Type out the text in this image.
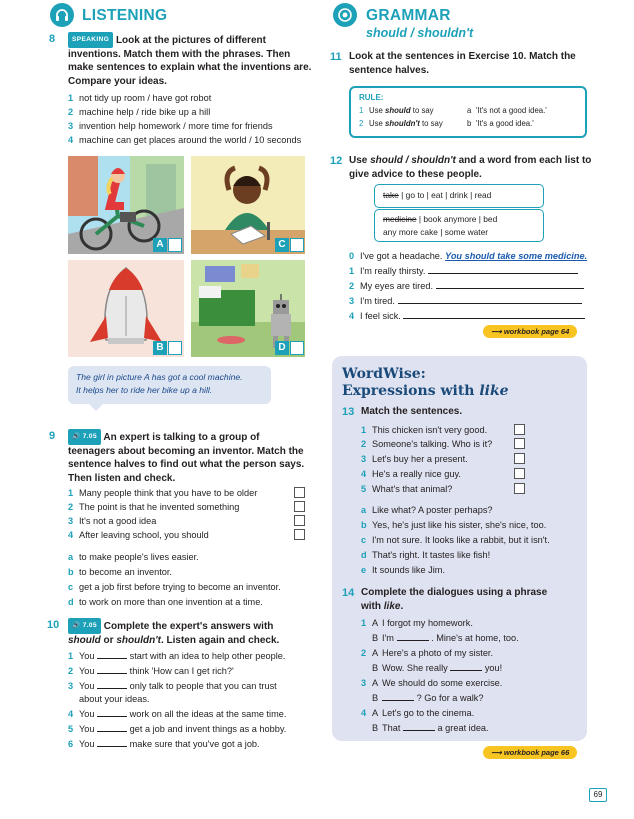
LISTENING
8	SPEAKING Look at the pictures of different
inventions. Match them with the phrases. Then
make sentences to explain what the inventions are.
Compare your ideas.
1 not tidy up room / have got robot
2 machine help / ride bike up a hill
3 invention help homework / more time for friends
4 machine can get places around the world / 10 seconds
A	C
B	D
The girl in picture A has got a cool machine.
It helps her to ride her bike up a hill.
9	🔊 7.05 An expert is talking to a group of
teenagers about becoming an inventor. Match the
sentence halves to find out what the person says.
Then listen and check.
1 Many people think that you have to be older
2 The point is that he invented something
3 It's not a good idea
4 After leaving school, you should
a to make people's lives easier.
b to become an inventor.
c get a job first before trying to become an inventor.
d to work on more than one invention at a time.
10	🔊 7.05 Complete the expert's answers with
should or shouldn't. Listen again and check.
1 You	start with an idea to help other people.
2 You	think 'How can I get rich?'
3 You	only talk to people that you can trust
about your ideas.
4 You	work on all the ideas at the same time.
5 You	get a job and invent things as a hobby.
6 You	make sure that you've got a job.
GRAMMAR
should / shouldn't
11 Look at the sentences in Exercise 10. Match the
sentence halves.
RULE:
1 Use should to say	a 'It's not a good idea.'
2 Use shouldn't to say	b 'It's a good idea.'
12 Use should / shouldn't and a word from each list to
give advice to these people.
take | go to | eat | drink | read
medicine | book anymore | bed
any more cake | some water
0 I've got a headache. You should take some medicine.
1 I'm really thirsty.
2 My eyes are tired.
3 I'm tired.
4 I feel sick.
⟶ workbook page 64
WordWise:
Expressions with like
13 Match the sentences.
1 This chicken isn't very good.
2 Someone's talking. Who is it?
3 Let's buy her a present.
4 He's a really nice guy.
5 What's that animal?
a Like what? A poster perhaps?
b Yes, he's just like his sister, she's nice, too.
c I'm not sure. It looks like a rabbit, but it isn't.
d That's right. It tastes like fish!
e It sounds like Jim.
14 Complete the dialogues using a phrase
with like.
1 A I forgot my homework.
B I'm	. Mine's at home, too.
2 A Here's a photo of my sister.
B Wow. She really	you!
3 A We should do some exercise.
B	? Go for a walk?
4 A Let's go to the cinema.
B That	a great idea.
⟶ workbook page 66
69
